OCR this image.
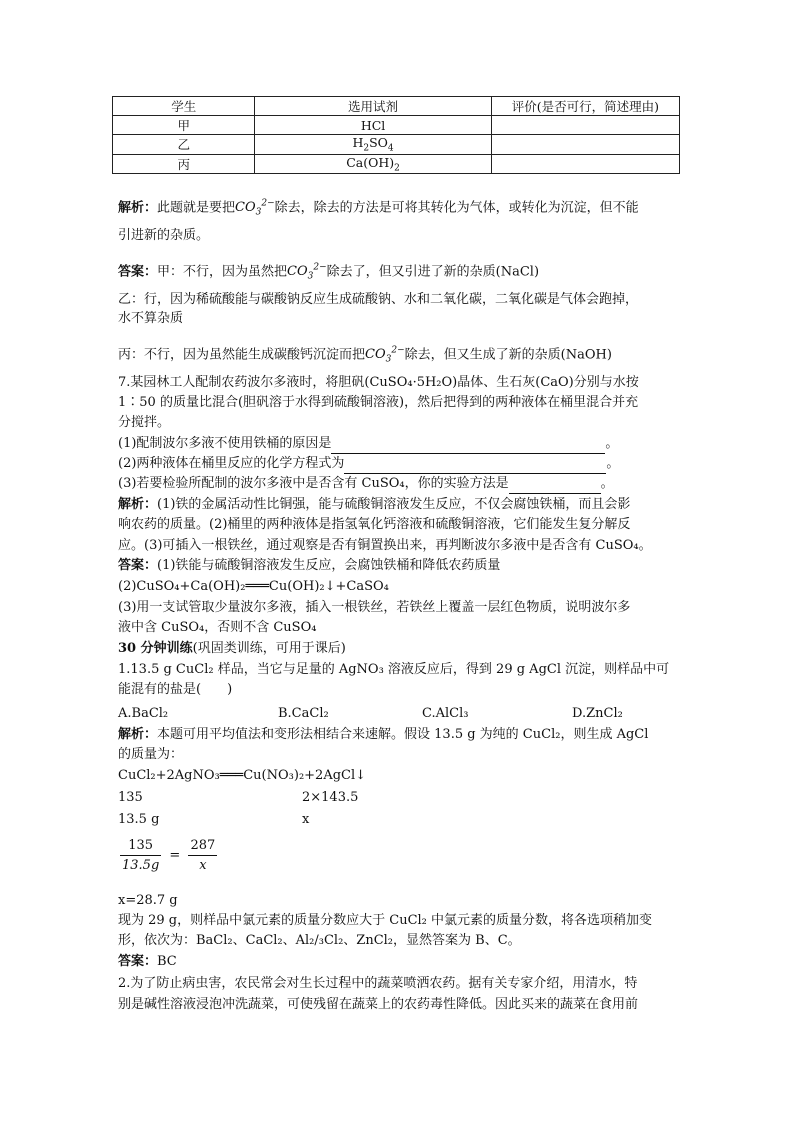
学生	选用试剂	评价(是否可行，简述理由)
甲	HCl	
乙	$H_2SO_4$	
丙	$Ca(OH)_2$	
解析：此题就是要把$CO_3^{2-}$除去，除去的方法是可将其转化为气体，或转化为沉淀，但不能
引进新的杂质。
答案：甲：不行，因为虽然把$CO_3^{2-}$除去了，但又引进了新的杂质(NaCl)
乙：行，因为稀硫酸能与碳酸钠反应生成硫酸钠、水和二氧化碳，二氧化碳是气体会跑掉，
水不算杂质
丙：不行，因为虽然能生成碳酸钙沉淀而把$CO_3^{2-}$除去，但又生成了新的杂质(NaOH)
7.某园林工人配制农药波尔多液时，将胆矾(CuSO₄·5H₂O)晶体、生石灰(CaO)分别与水按
1∶50 的质量比混合(胆矾溶于水得到硫酸铜溶液)，然后把得到的两种液体在桶里混合并充
分搅拌。
(1)配制波尔多液不使用铁桶的原因是	。
(2)两种液体在桶里反应的化学方程式为	。
(3)若要检验所配制的波尔多液中是否含有 CuSO₄，你的实验方法是	。
解析：(1)铁的金属活动性比铜强，能与硫酸铜溶液发生反应，不仅会腐蚀铁桶，而且会影
响农药的质量。(2)桶里的两种液体是指氢氧化钙溶液和硫酸铜溶液，它们能发生复分解反
应。(3)可插入一根铁丝，通过观察是否有铜置换出来，再判断波尔多液中是否含有 CuSO₄。
答案：(1)铁能与硫酸铜溶液发生反应，会腐蚀铁桶和降低农药质量
(2)CuSO₄+Ca(OH)₂═══Cu(OH)₂↓+CaSO₄
(3)用一支试管取少量波尔多液，插入一根铁丝，若铁丝上覆盖一层红色物质，说明波尔多
液中含 CuSO₄，否则不含 CuSO₄
30 分钟训练(巩固类训练，可用于课后)
1.13.5 g CuCl₂ 样品，当它与足量的 AgNO₃ 溶液反应后，得到 29 g AgCl 沉淀，则样品中可
能混有的盐是(　　)
A.BaCl₂	B.CaCl₂	C.AlCl₃	D.ZnCl₂
解析：本题可用平均值法和变形法相结合来速解。假设 13.5 g 为纯的 CuCl₂，则生成 AgCl
的质量为：
CuCl₂+2AgNO₃═══Cu(NO₃)₂+2AgCl↓
135	2×143.5
13.5 g	x
$\frac{135}{13.5g} = \frac{287}{x}$
x=28.7 g
现为 29 g，则样品中氯元素的质量分数应大于 CuCl₂ 中氯元素的质量分数，将各选项稍加变
形，依次为：BaCl₂、CaCl₂、Al₂/₃Cl₂、ZnCl₂，显然答案为 B、C。
答案：BC
2.为了防止病虫害，农民常会对生长过程中的蔬菜喷洒农药。据有关专家介绍，用清水，特
别是碱性溶液浸泡冲洗蔬菜，可使残留在蔬菜上的农药毒性降低。因此买来的蔬菜在食用前
